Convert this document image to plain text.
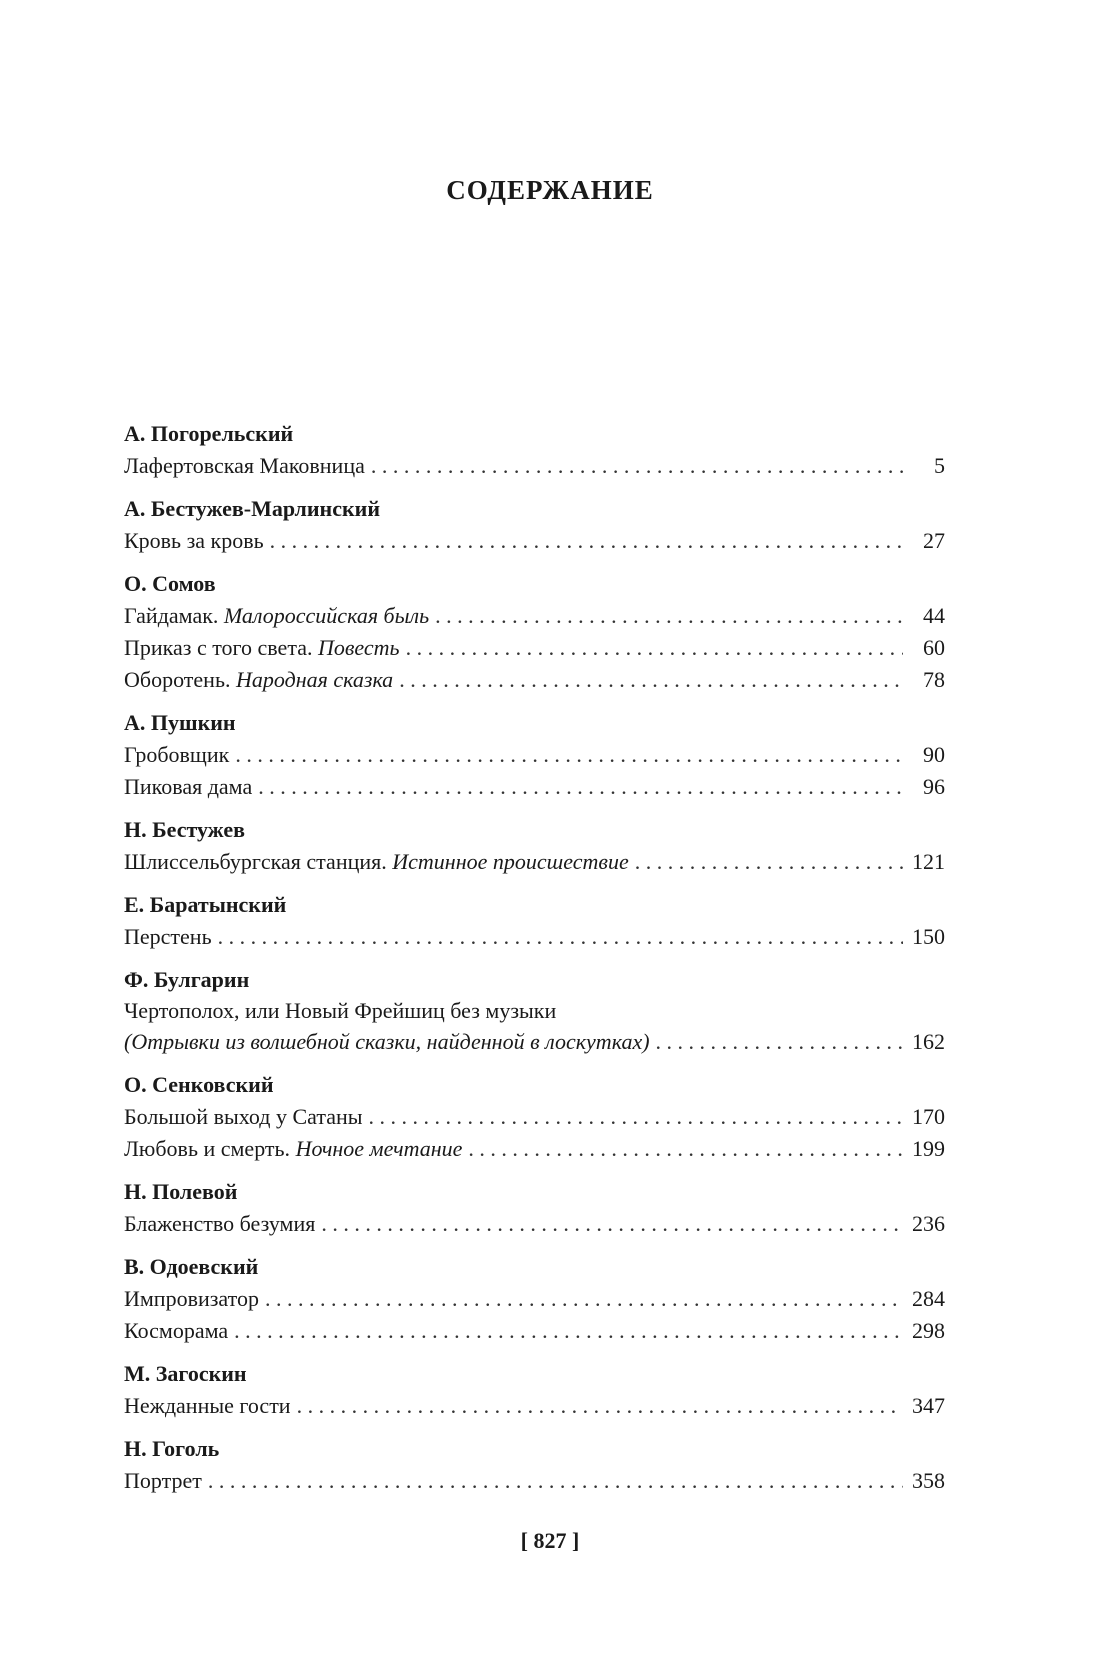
СОДЕРЖАНИЕ
А. Погорельский
Лафертовская Маковница . . .	5
А. Бестужев-Марлинский
Кровь за кровь . . .	27
О. Сомов
Гайдамак. Малороссийская быль . . .	44
Приказ с того света. Повесть . . .	60
Оборотень. Народная сказка . . .	78
А. Пушкин
Гробовщик . . .	90
Пиковая дама . . .	96
Н. Бестужев
Шлиссельбургская станция. Истинное происшествие . . .	121
Е. Баратынский
Перстень . . .	150
Ф. Булгарин
Чертополох, или Новый Фрейшиц без музыки
(Отрывки из волшебной сказки, найденной в лоскутках) . . .	162
О. Сенковский
Большой выход у Сатаны . . .	170
Любовь и смерть. Ночное мечтание . . .	199
Н. Полевой
Блаженство безумия . . .	236
В. Одоевский
Импровизатор . . .	284
Косморама . . .	298
М. Загоскин
Нежданные гости . . .	347
Н. Гоголь
Портрет . . .	358
[ 827 ]
